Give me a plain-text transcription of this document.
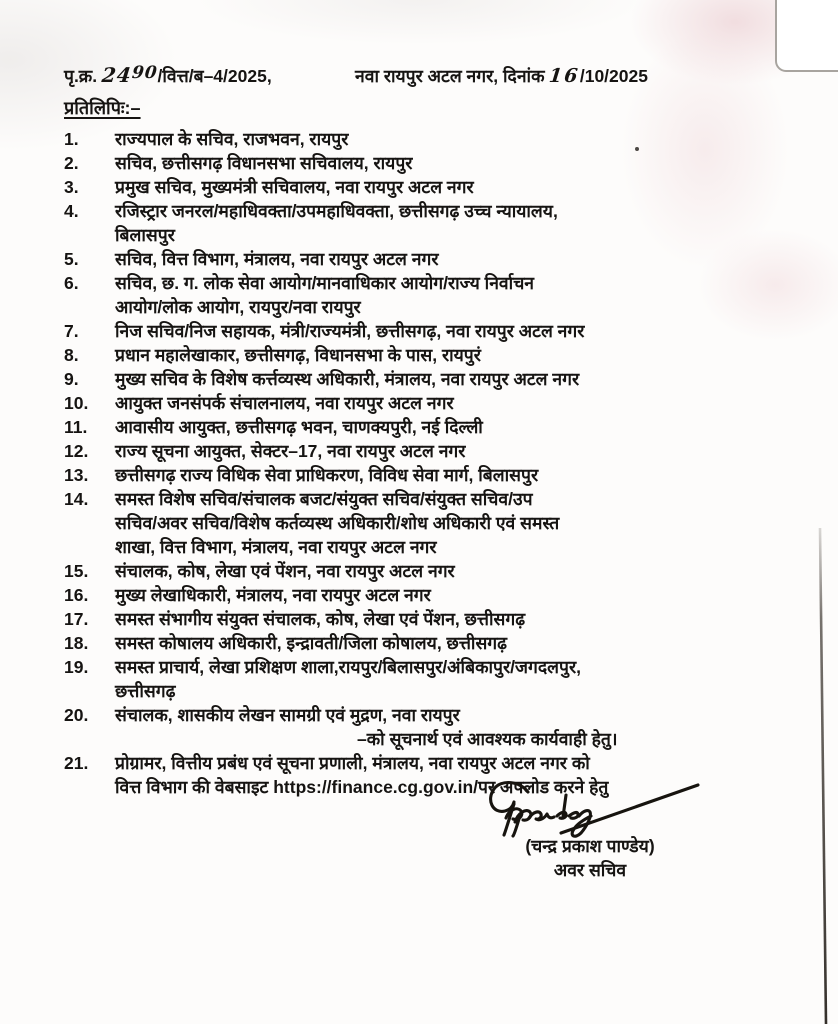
पृ.क्र. 2490/वित्त/ब–4/2025,	नवा रायपुर अटल नगर, दिनांक 16/10/2025
प्रतिलिपिः:–
1.	राज्यपाल के सचिव, राजभवन, रायपुर
2.	सचिव, छत्तीसगढ़ विधानसभा सचिवालय, रायपुर
3.	प्रमुख सचिव, मुख्यमंत्री सचिवालय, नवा रायपुर अटल नगर
4.	रजिस्ट्रार जनरल/महाधिवक्ता/उपमहाधिवक्ता, छत्तीसगढ़ उच्च न्यायालय,
बिलासपुर
5.	सचिव, वित्त विभाग, मंत्रालय, नवा रायपुर अटल नगर
6.	सचिव, छ. ग. लोक सेवा आयोग/मानवाधिकार आयोग/राज्य निर्वाचन
आयोग/लोक आयोग, रायपुर/नवा रायपुर
7.	निज सचिव/निज सहायक, मंत्री/राज्यमंत्री, छत्तीसगढ़, नवा रायपुर अटल नगर
8.	प्रधान महालेखाकार, छत्तीसगढ़, विधानसभा के पास, रायपुरं
9.	मुख्य सचिव के विशेष कर्त्तव्यस्थ अधिकारी, मंत्रालय, नवा रायपुर अटल नगर
10.	आयुक्त जनसंपर्क संचालनालय, नवा रायपुर अटल नगर
11.	आवासीय आयुक्त, छत्तीसगढ़ भवन, चाणक्यपुरी, नई दिल्ली
12.	राज्य सूचना आयुक्त, सेक्टर–17, नवा रायपुर अटल नगर
13.	छत्तीसगढ़ राज्य विधिक सेवा प्राधिकरण, विविध सेवा मार्ग, बिलासपुर
14.	समस्त विशेष सचिव/संचालक बजट/संयुक्त सचिव/संयुक्त सचिव/उप
सचिव/अवर सचिव/विशेष कर्तव्यस्थ अधिकारी/शोध अधिकारी एवं समस्त
शाखा, वित्त विभाग, मंत्रालय, नवा रायपुर अटल नगर
15.	संचालक, कोष, लेखा एवं पेंशन, नवा रायपुर अटल नगर
16.	मुख्य लेखाधिकारी, मंत्रालय, नवा रायपुर अटल नगर
17.	समस्त संभागीय संयुक्त संचालक, कोष, लेखा एवं पेंशन, छत्तीसगढ़
18.	समस्त कोषालय अधिकारी, इन्द्रावती/जिला कोषालय, छत्तीसगढ़
19.	समस्त प्राचार्य, लेखा प्रशिक्षण शाला,रायपुर/बिलासपुर/अंबिकापुर/जगदलपुर,
छत्तीसगढ़
20.	संचालक, शासकीय लेखन सामग्री एवं मुद्रण, नवा रायपुर
–को सूचनार्थ एवं आवश्यक कार्यवाही हेतु।
21.	प्रोग्रामर, वित्तीय प्रबंध एवं सूचना प्रणाली, मंत्रालय, नवा रायपुर अटल नगर को
वित्त विभाग की वेबसाइट https://finance.cg.gov.in/पर अपलोड करने हेतु
(चन्द्र प्रकाश पाण्डेय)
अवर सचिव
